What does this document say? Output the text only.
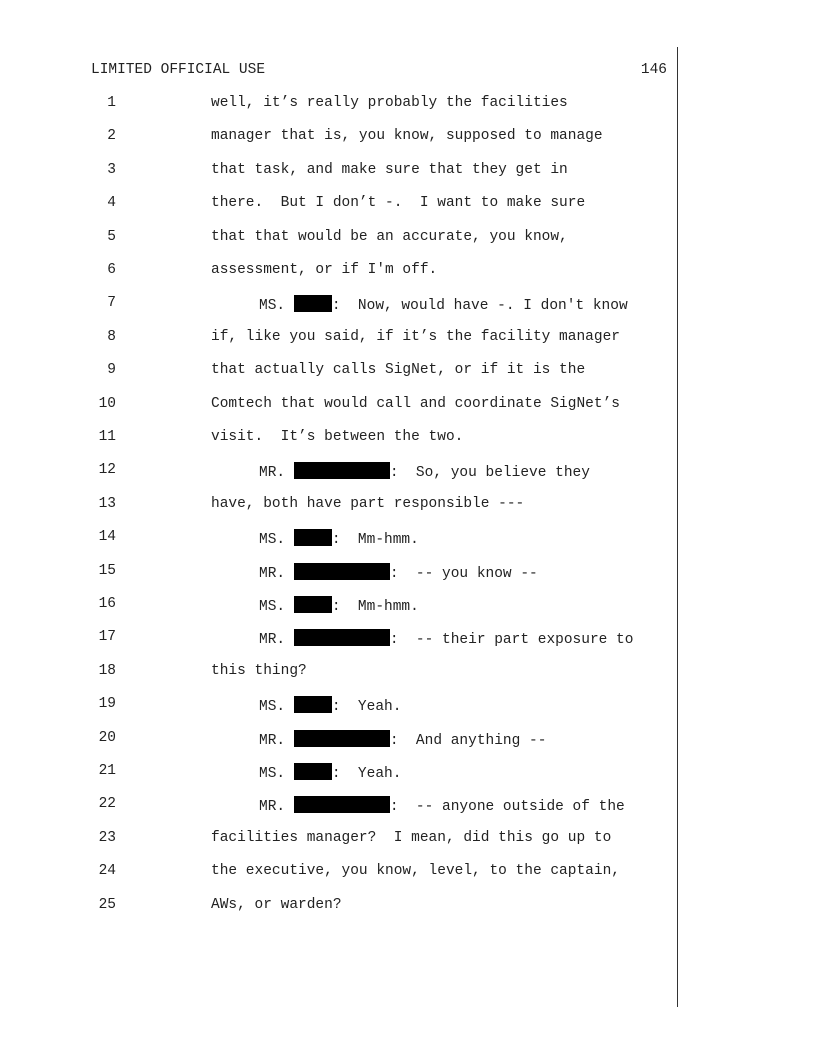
LIMITED OFFICIAL USE	146
1	well, it’s really probably the facilities
2	manager that is, you know, supposed to manage
3	that task, and make sure that they get in
4	there.  But I don’t -.  I want to make sure
5	that that would be an accurate, you know,
6	assessment, or if I'm off.
7	MS.	:  Now, would have -. I don't know
8	if, like you said, if it’s the facility manager
9	that actually calls SigNet, or if it is the
10	Comtech that would call and coordinate SigNet’s
11	visit.  It’s between the two.
12	MR.	:  So, you believe they
13	have, both have part responsible ---
14	MS.	:  Mm-hmm.
15	MR.	:  -- you know --
16	MS.	:  Mm-hmm.
17	MR.	:  -- their part exposure to
18	this thing?
19	MS.	:  Yeah.
20	MR.	:  And anything --
21	MS.	:  Yeah.
22	MR.	:  -- anyone outside of the
23	facilities manager?  I mean, did this go up to
24	the executive, you know, level, to the captain,
25	AWs, or warden?
